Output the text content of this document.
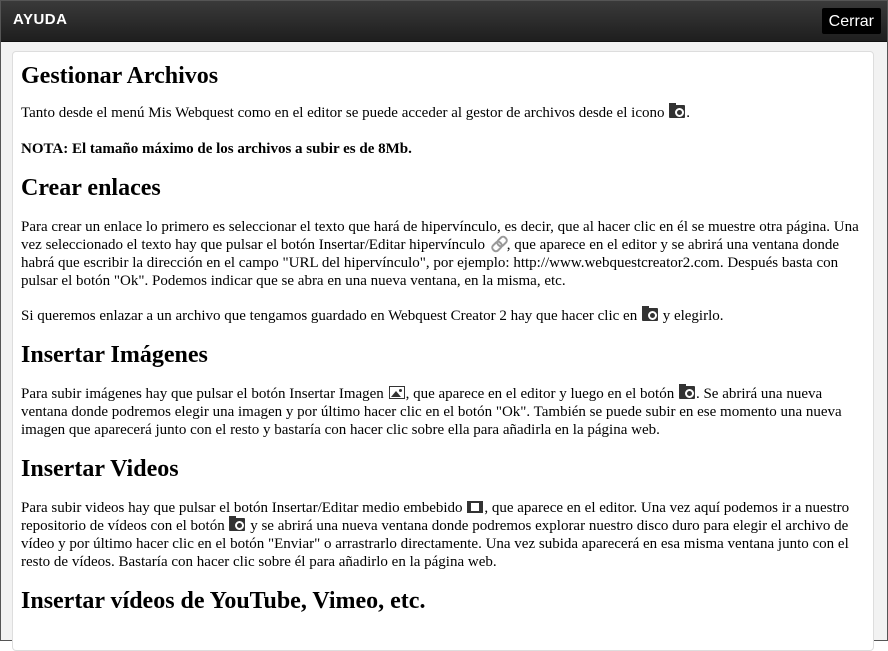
AYUDA	Cerrar
Gestionar Archivos

Tanto desde el menú Mis Webquest como en el editor se puede acceder al gestor de archivos desde el icono .

NOTA: El tamaño máximo de los archivos a subir es de 8Mb.

Crear enlaces

Para crear un enlace lo primero es seleccionar el texto que hará de hipervínculo, es decir, que al hacer clic en él se muestre otra página. Una vez seleccionado el texto hay que pulsar el botón Insertar/Editar hipervínculo , que aparece en el editor y se abrirá una ventana donde habrá que escribir la dirección en el campo "URL del hipervínculo", por ejemplo: http://www.webquestcreator2.com. Después basta con pulsar el botón "Ok". Podemos indicar que se abra en una nueva ventana, en la misma, etc.

Si queremos enlazar a un archivo que tengamos guardado en Webquest Creator 2 hay que hacer clic en y elegirlo.

Insertar Imágenes

Para subir imágenes hay que pulsar el botón Insertar Imagen , que aparece en el editor y luego en el botón . Se abrirá una nueva ventana donde podremos elegir una imagen y por último hacer clic en el botón "Ok". También se puede subir en ese momento una nueva imagen que aparecerá junto con el resto y bastaría con hacer clic sobre ella para añadirla en la página web.

Insertar Videos

Para subir videos hay que pulsar el botón Insertar/Editar medio embebido , que aparece en el editor. Una vez aquí podemos ir a nuestro repositorio de vídeos con el botón y se abrirá una nueva ventana donde podremos explorar nuestro disco duro para elegir el archivo de vídeo y por último hacer clic en el botón "Enviar" o arrastrarlo directamente. Una vez subida aparecerá en esa misma ventana junto con el resto de vídeos. Bastaría con hacer clic sobre él para añadirlo en la página web.

Insertar vídeos de YouTube, Vimeo, etc.
